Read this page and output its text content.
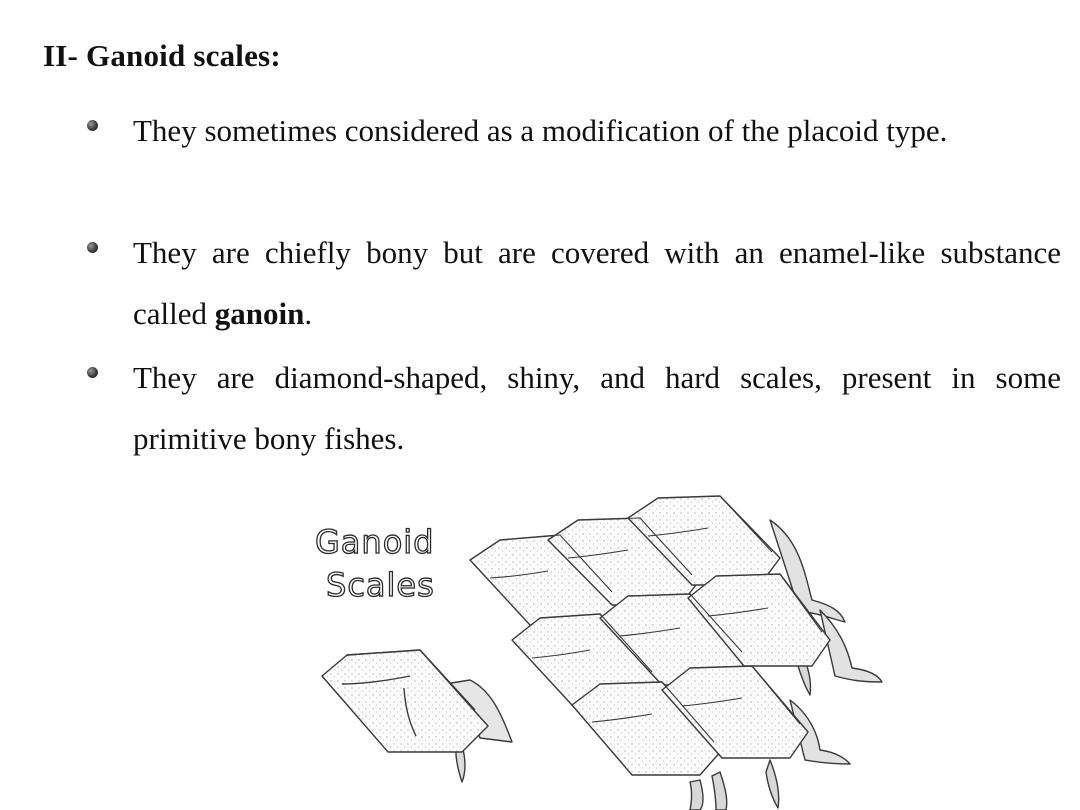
II- Ganoid scales:
They sometimes considered as a modification of the placoid type.
They are chiefly bony but are covered with an enamel-like substance called ganoin.
They are diamond-shaped, shiny, and hard scales, present in some primitive bony fishes.
Ganoid
Scales
